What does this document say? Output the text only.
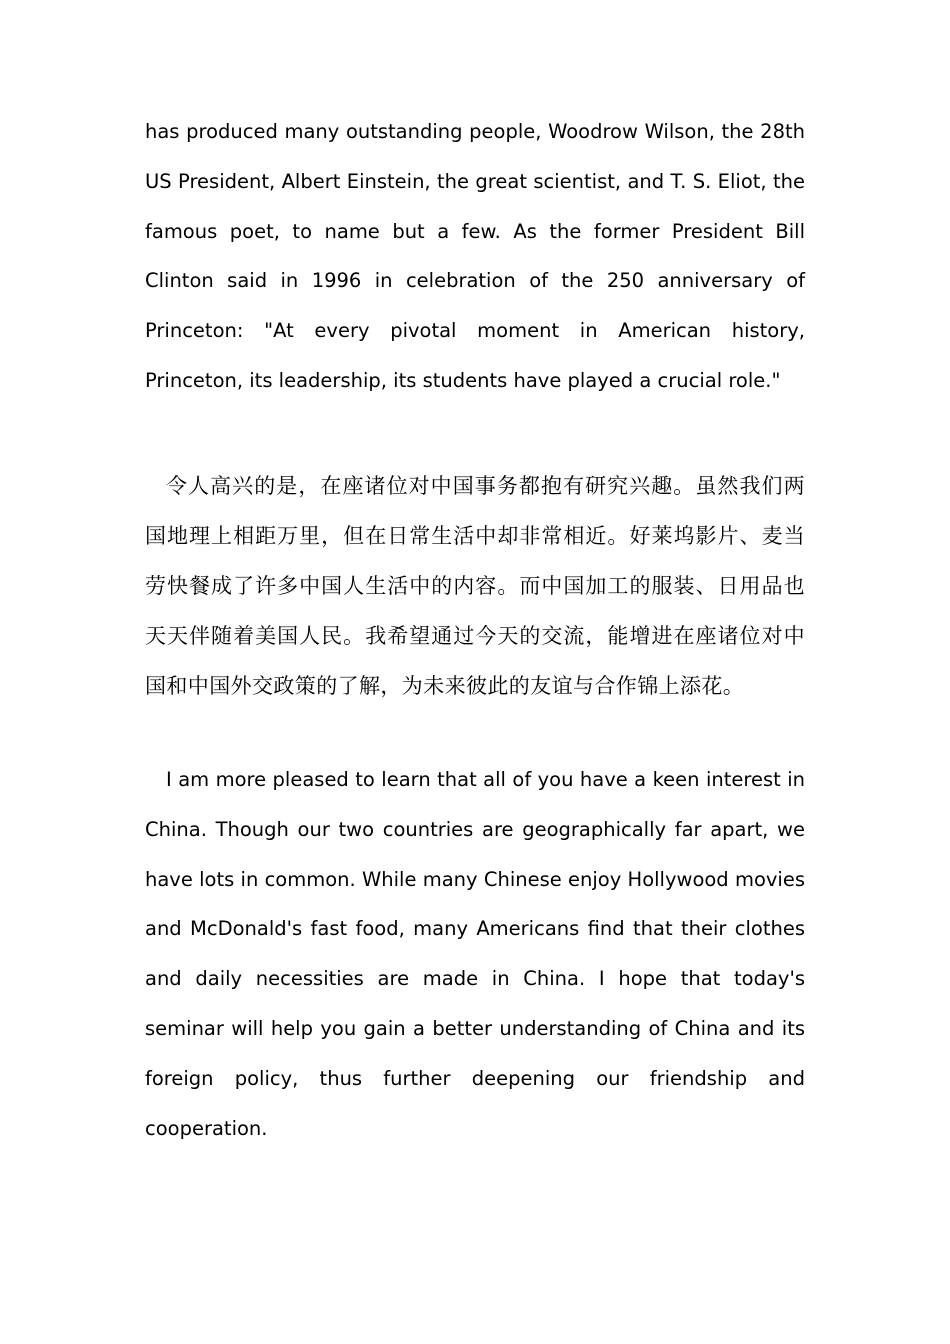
has produced many outstanding people, Woodrow Wilson, the 28th US President, Albert Einstein, the great scientist, and T. S. Eliot, the famous poet, to name but a few. As the former President Bill Clinton said in 1996 in celebration of the 250 anniversary of Princeton: "At every pivotal moment in American history, Princeton, its leadership, its students have played a crucial role."

令人高兴的是，在座诸位对中国事务都抱有研究兴趣。虽然我们两国地理上相距万里，但在日常生活中却非常相近。好莱坞影片、麦当劳快餐成了许多中国人生活中的内容。而中国加工的服装、日用品也天天伴随着美国人民。我希望通过今天的交流，能增进在座诸位对中国和中国外交政策的了解，为未来彼此的友谊与合作锦上添花。

I am more pleased to learn that all of you have a keen interest in China. Though our two countries are geographically far apart, we have lots in common. While many Chinese enjoy Hollywood movies and McDonald's fast food, many Americans find that their clothes and daily necessities are made in China. I hope that today's seminar will help you gain a better understanding of China and its foreign policy, thus further deepening our friendship and cooperation.
